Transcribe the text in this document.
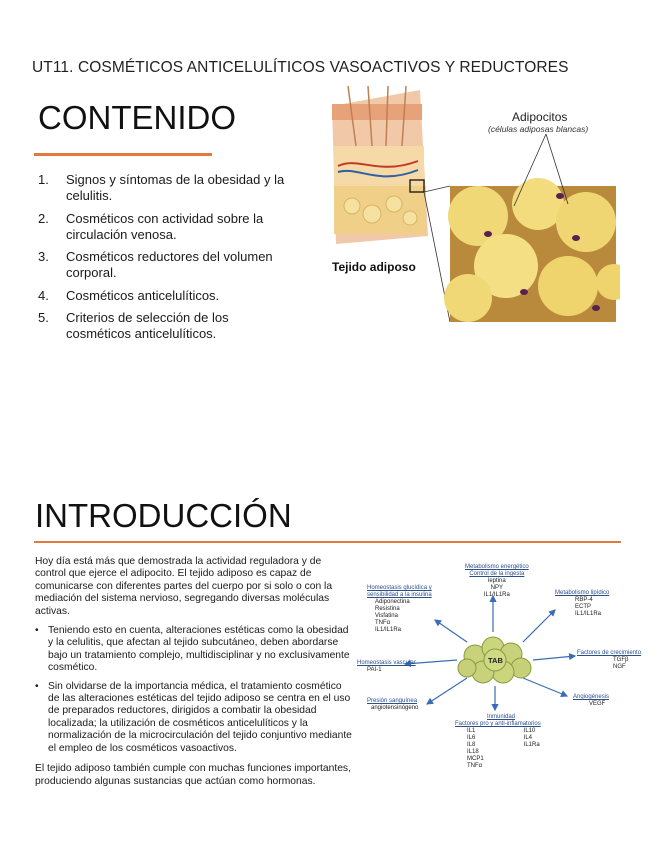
UT11. COSMÉTICOS ANTICELULÍTICOS VASOACTIVOS Y REDUCTORES
CONTENIDO
1.	Signos y síntomas de la obesidad y la celulitis.
2.	Cosméticos con actividad sobre la circulación venosa.
3.	Cosméticos reductores del volumen corporal.
4.	Cosméticos anticelulíticos.
5.	Criterios de selección de los cosméticos anticelulíticos.
Adipocitos
(células adiposas blancas)
Tejido adiposo
INTRODUCCIÓN

Hoy día está más que demostrada la actividad reguladora y de control que ejerce el adipocito. El tejido adiposo es capaz de comunicarse con diferentes partes del cuerpo por si solo o con la mediación del sistema nervioso, segregando diversas moléculas activas.

• Teniendo esto en cuenta, alteraciones estéticas como la obesidad y la celulitis, que afectan al tejido subcutáneo, deben abordarse bajo un tratamiento complejo, multidisciplinar y no exclusivamente cosmético.
• Sin olvidarse de la importancia médica, el tratamiento cosmético de las alteraciones estéticas del tejido adiposo se centra en el uso de preparados reductores, dirigidos a combatir la obesidad localizada; la utilización de cosméticos anticelulíticos y la normalización de la microcirculación del tejido conjuntivo mediante el empleo de los cosméticos vasoactivos.

El tejido adiposo también cumple con muchas funciones importantes, produciendo algunas sustancias que actúan como hormonas.

TAB
Metabolismo energético
Control de la ingesta
leptina
NPY
IL1/IL1Ra
Homeostasis glucídica y
sensibilidad a la insulina
Adiponectina
Resistina
Visfatina
TNFα
IL1/IL1Ra
Metabolismo lipídico
RBP-4
ECTP
IL1/IL1Ra
Factores de crecimiento
TGFβ
NGF
Homeostasis vascular
PAI-1
Angiogénesis
VEGF
Presión sanguínea
angiotensinógeno
Inmunidad
Factores pro y anti-inflamatorios
IL1
IL6
IL8
IL18
MCP1
TNFα
IL10
IL4
IL1Ra
